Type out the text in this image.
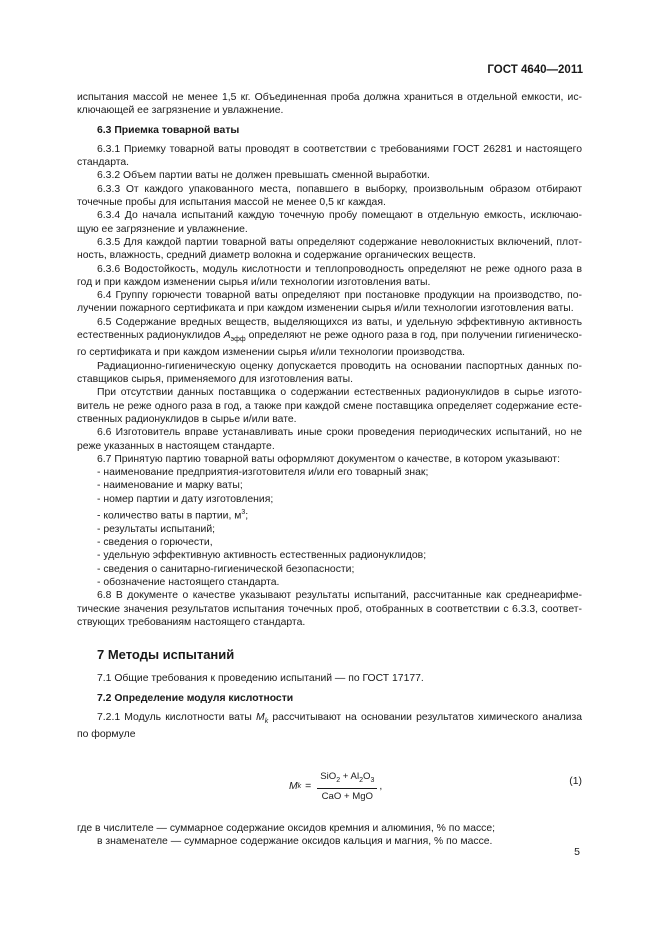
ГОСТ 4640—2011

испытания массой не менее 1,5 кг. Объединенная проба должна храниться в отдельной емкости, ис-ключающей ее загрязнение и увлажнение.

6.3 Приемка товарной ваты

6.3.1 Приемку товарной ваты проводят в соответствии с требованиями ГОСТ 26281 и настоящего стандарта.

6.3.2 Объем партии ваты не должен превышать сменной выработки.

6.3.3 От каждого упакованного места, попавшего в выборку, произвольным образом отбирают точечные пробы для испытания массой не менее 0,5 кг каждая.

6.3.4 До начала испытаний каждую точечную пробу помещают в отдельную емкость, исключаю-щую ее загрязнение и увлажнение.

6.3.5 Для каждой партии товарной ваты определяют содержание неволокнистых включений, плот-ность, влажность, средний диаметр волокна и содержание органических веществ.

6.3.6 Водостойкость, модуль кислотности и теплопроводность определяют не реже одного раза в год и при каждом изменении сырья и/или технологии изготовления ваты.

6.4 Группу горючести товарной ваты определяют при постановке продукции на производство, по-лучении пожарного сертификата и при каждом изменении сырья и/или технологии изготовления ваты.

6.5 Содержание вредных веществ, выделяющихся из ваты, и удельную эффективную активность естественных радионуклидов $A_{эфф}$ определяют не реже одного раза в год, при получении гигиеническо-го сертификата и при каждом изменении сырья и/или технологии производства.

Радиационно-гигиеническую оценку допускается проводить на основании паспортных данных по-ставщиков сырья, применяемого для изготовления ваты.

При отсутствии данных поставщика о содержании естественных радионуклидов в сырье изгото-витель не реже одного раза в год, а также при каждой смене поставщика определяет содержание есте-ственных радионуклидов в сырье и/или вате.

6.6 Изготовитель вправе устанавливать иные сроки проведения периодических испытаний, но не реже указанных в настоящем стандарте.

6.7 Принятую партию товарной ваты оформляют документом о качестве, в котором указывают:

- наименование предприятия-изготовителя и/или его товарный знак;

- наименование и марку ваты;

- номер партии и дату изготовления;

- количество ваты в партии, $м^3$;

- результаты испытаний;

- сведения о горючести,

- удельную эффективную активность естественных радионуклидов;

- сведения о санитарно-гигиенической безопасности;

- обозначение настоящего стандарта.

6.8 В документе о качестве указывают результаты испытаний, рассчитанные как среднеарифме-тические значения результатов испытания точечных проб, отобранных в соответствии с 6.3.3, соответ-ствующих требованиям настоящего стандарта.

7 Методы испытаний

7.1 Общие требования к проведению испытаний — по ГОСТ 17177.

7.2 Определение модуля кислотности

7.2.1 Модуль кислотности ваты $M_k$ рассчитывают на основании результатов химического анализа по формуле

M $k = \frac{SiO_2 + Al_2O_3}{\text{CaO + MgO}}$ ,	(1)

где в числителе — суммарное содержание оксидов кремния и алюминия, % по массе;

в знаменателе — суммарное содержание оксидов кальция и магния, % по массе.

5
